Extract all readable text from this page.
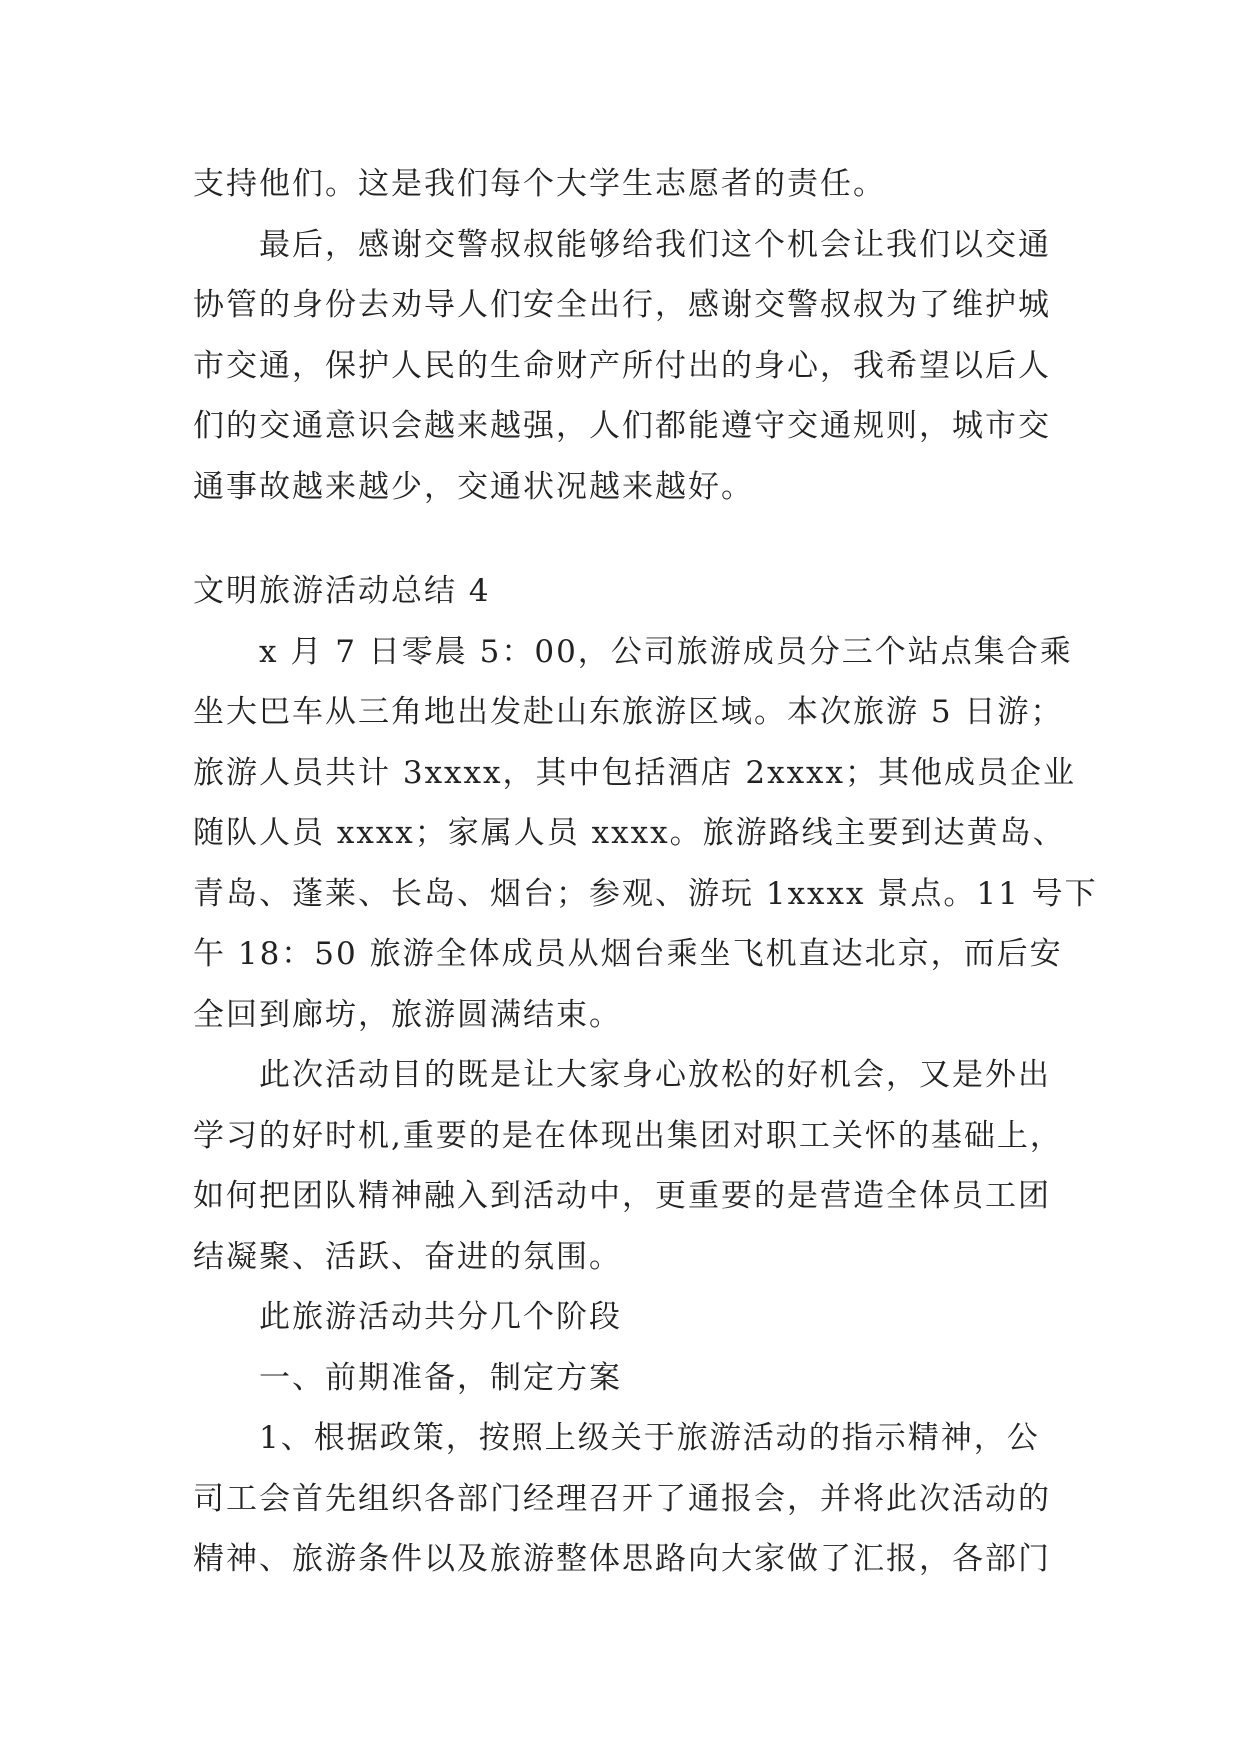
支持他们。这是我们每个大学生志愿者的责任。
最后，感谢交警叔叔能够给我们这个机会让我们以交通
协管的身份去劝导人们安全出行，感谢交警叔叔为了维护城
市交通，保护人民的生命财产所付出的身心，我希望以后人
们的交通意识会越来越强，人们都能遵守交通规则，城市交
通事故越来越少，交通状况越来越好。
文明旅游活动总结 4
x 月 7 日零晨 5：00，公司旅游成员分三个站点集合乘
坐大巴车从三角地出发赴山东旅游区域。本次旅游 5 日游；
旅游人员共计 3xxxx，其中包括酒店 2xxxx；其他成员企业
随队人员 xxxx；家属人员 xxxx。旅游路线主要到达黄岛、
青岛、蓬莱、长岛、烟台；参观、游玩 1xxxx 景点。11 号下
午 18：50 旅游全体成员从烟台乘坐飞机直达北京，而后安
全回到廊坊，旅游圆满结束。
此次活动目的既是让大家身心放松的好机会，又是外出
学习的好时机,重要的是在体现出集团对职工关怀的基础上，
如何把团队精神融入到活动中，更重要的是营造全体员工团
结凝聚、活跃、奋进的氛围。
此旅游活动共分几个阶段
一、前期准备，制定方案
1、根据政策，按照上级关于旅游活动的指示精神，公
司工会首先组织各部门经理召开了通报会，并将此次活动的
精神、旅游条件以及旅游整体思路向大家做了汇报，各部门
